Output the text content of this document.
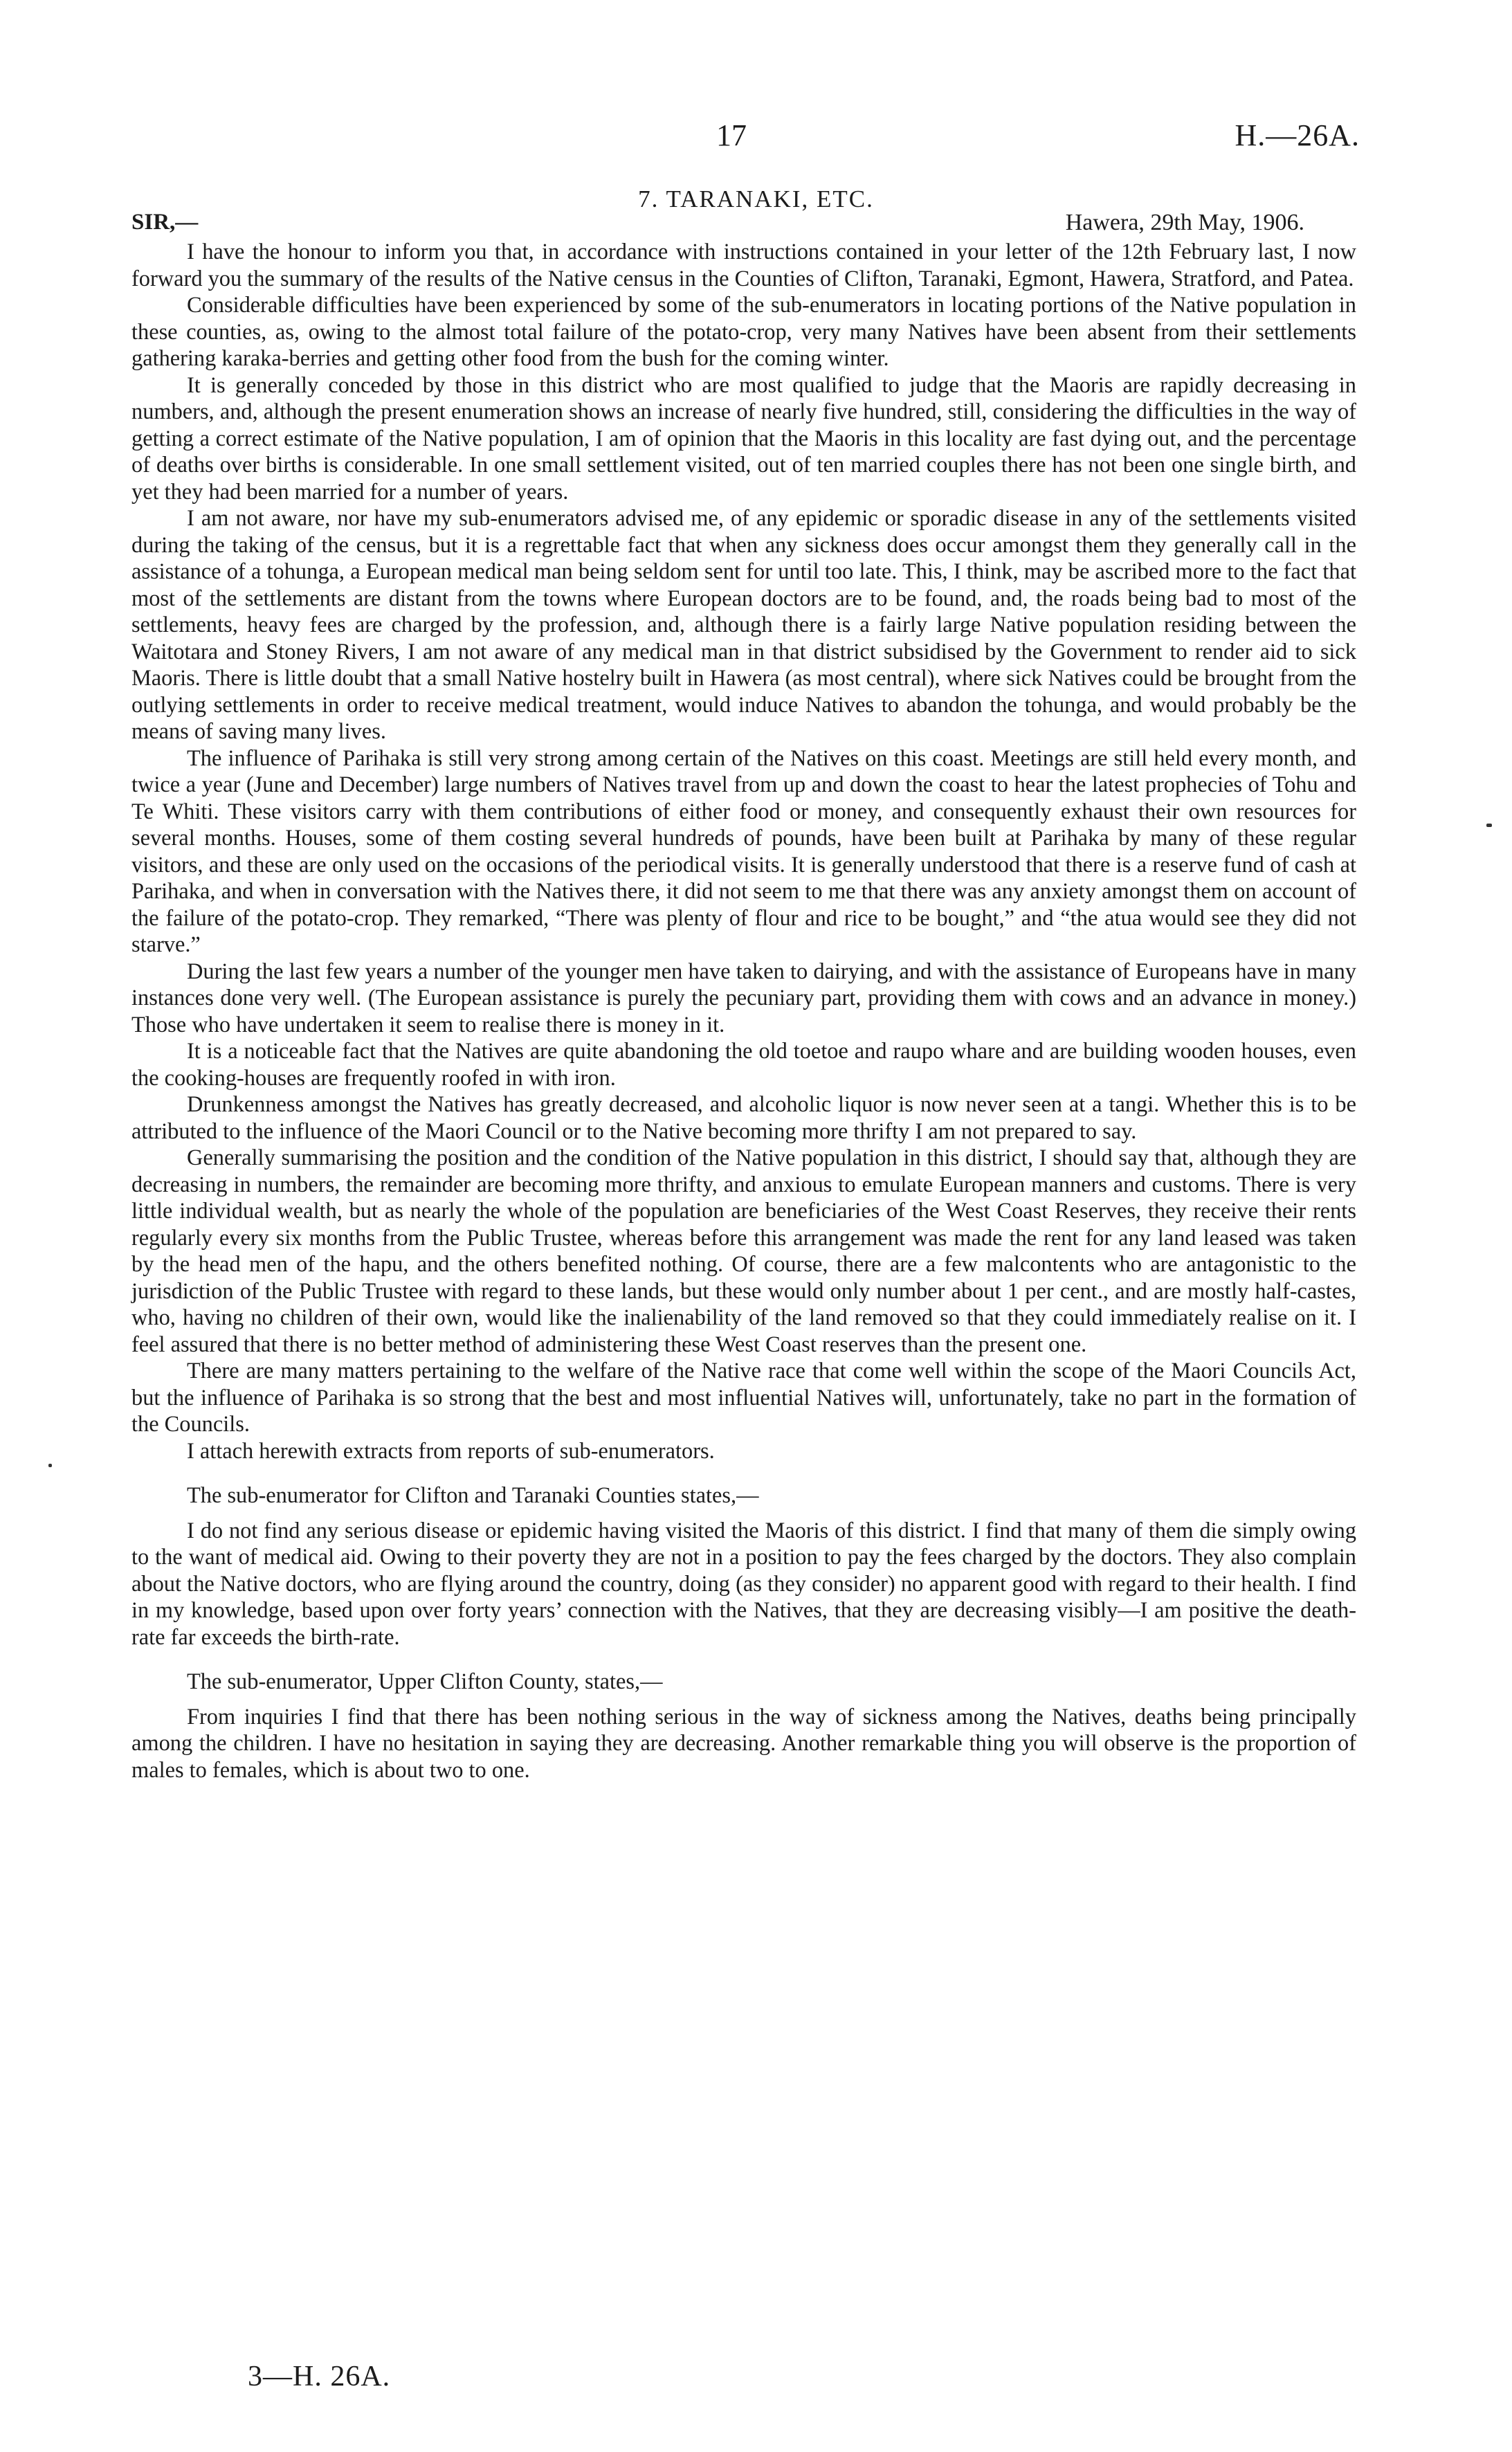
17	H.—26A.
7. TARANAKI, ETC.
SIR,—	Hawera, 29th May, 1906.

I have the honour to inform you that, in accordance with instructions contained in your letter of the 12th February last, I now forward you the summary of the results of the Native census in the Counties of Clifton, Taranaki, Egmont, Hawera, Stratford, and Patea.

Considerable difficulties have been experienced by some of the sub-enumerators in locating portions of the Native population in these counties, as, owing to the almost total failure of the potato-crop, very many Natives have been absent from their settlements gathering karaka-berries and getting other food from the bush for the coming winter.

It is generally conceded by those in this district who are most qualified to judge that the Maoris are rapidly decreasing in numbers, and, although the present enumeration shows an increase of nearly five hundred, still, considering the difficulties in the way of getting a correct estimate of the Native population, I am of opinion that the Maoris in this locality are fast dying out, and the percentage of deaths over births is considerable. In one small settlement visited, out of ten married couples there has not been one single birth, and yet they had been married for a number of years.

I am not aware, nor have my sub-enumerators advised me, of any epidemic or sporadic disease in any of the settlements visited during the taking of the census, but it is a regrettable fact that when any sickness does occur amongst them they generally call in the assistance of a tohunga, a European medical man being seldom sent for until too late. This, I think, may be ascribed more to the fact that most of the settlements are distant from the towns where European doctors are to be found, and, the roads being bad to most of the settlements, heavy fees are charged by the profession, and, although there is a fairly large Native population residing between the Waitotara and Stoney Rivers, I am not aware of any medical man in that district subsidised by the Government to render aid to sick Maoris. There is little doubt that a small Native hostelry built in Hawera (as most central), where sick Natives could be brought from the outlying settlements in order to receive medical treatment, would induce Natives to abandon the tohunga, and would probably be the means of saving many lives.

The influence of Parihaka is still very strong among certain of the Natives on this coast. Meetings are still held every month, and twice a year (June and December) large numbers of Natives travel from up and down the coast to hear the latest prophecies of Tohu and Te Whiti. These visitors carry with them contributions of either food or money, and consequently exhaust their own resources for several months. Houses, some of them costing several hundreds of pounds, have been built at Parihaka by many of these regular visitors, and these are only used on the occasions of the periodical visits. It is generally understood that there is a reserve fund of cash at Parihaka, and when in conversation with the Natives there, it did not seem to me that there was any anxiety amongst them on account of the failure of the potato-crop. They remarked, “There was plenty of flour and rice to be bought,” and “the atua would see they did not starve.”

During the last few years a number of the younger men have taken to dairying, and with the assistance of Europeans have in many instances done very well. (The European assistance is purely the pecuniary part, providing them with cows and an advance in money.) Those who have undertaken it seem to realise there is money in it.

It is a noticeable fact that the Natives are quite abandoning the old toetoe and raupo whare and are building wooden houses, even the cooking-houses are frequently roofed in with iron.

Drunkenness amongst the Natives has greatly decreased, and alcoholic liquor is now never seen at a tangi. Whether this is to be attributed to the influence of the Maori Council or to the Native becoming more thrifty I am not prepared to say.

Generally summarising the position and the condition of the Native population in this district, I should say that, although they are decreasing in numbers, the remainder are becoming more thrifty, and anxious to emulate European manners and customs. There is very little individual wealth, but as nearly the whole of the population are beneficiaries of the West Coast Reserves, they receive their rents regularly every six months from the Public Trustee, whereas before this arrangement was made the rent for any land leased was taken by the head men of the hapu, and the others benefited nothing. Of course, there are a few malcontents who are antagonistic to the jurisdiction of the Public Trustee with regard to these lands, but these would only number about 1 per cent., and are mostly half-castes, who, having no children of their own, would like the inalienability of the land removed so that they could immediately realise on it. I feel assured that there is no better method of administering these West Coast reserves than the present one.

There are many matters pertaining to the welfare of the Native race that come well within the scope of the Maori Councils Act, but the influence of Parihaka is so strong that the best and most influential Natives will, unfortunately, take no part in the formation of the Councils.

I attach herewith extracts from reports of sub-enumerators.

The sub-enumerator for Clifton and Taranaki Counties states,—

I do not find any serious disease or epidemic having visited the Maoris of this district. I find that many of them die simply owing to the want of medical aid. Owing to their poverty they are not in a position to pay the fees charged by the doctors. They also complain about the Native doctors, who are flying around the country, doing (as they consider) no apparent good with regard to their health. I find in my knowledge, based upon over forty years’ connection with the Natives, that they are decreasing visibly—I am positive the death-rate far exceeds the birth-rate.

The sub-enumerator, Upper Clifton County, states,—

From inquiries I find that there has been nothing serious in the way of sickness among the Natives, deaths being principally among the children. I have no hesitation in saying they are decreasing. Another remarkable thing you will observe is the proportion of males to females, which is about two to one.

3—H. 26A.
